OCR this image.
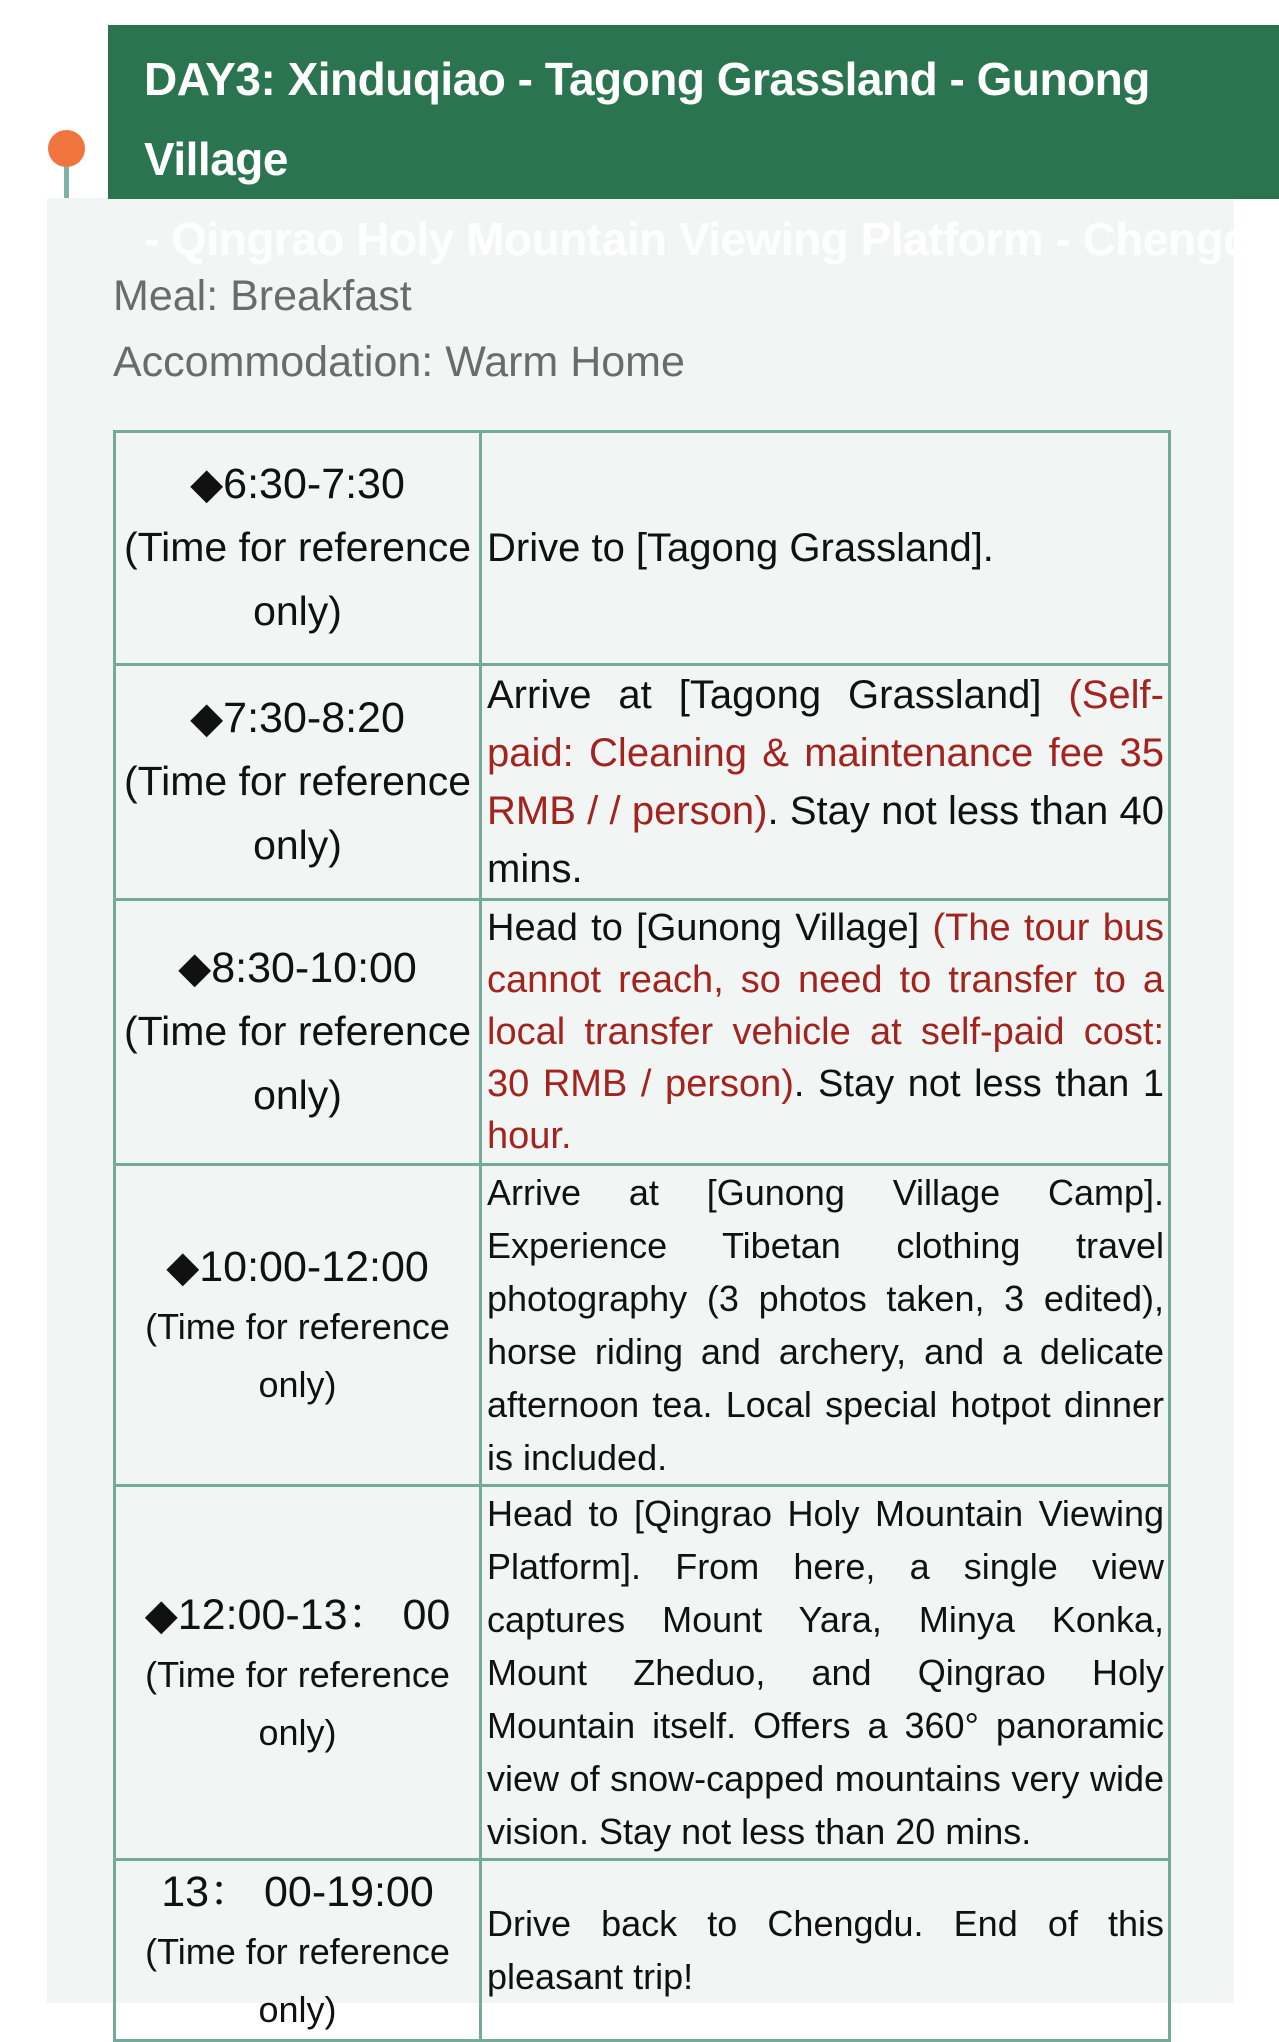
DAY3: Xinduqiao - Tagong Grassland - Gunong Village
- Qingrao Holy Mountain Viewing Platform - Chengdu
Meal: Breakfast
Accommodation: Warm Home
◆6:30-7:30
(Time for reference only)	Drive to [Tagong Grassland].

◆7:30-8:20
(Time for reference only)	Arrive at [Tagong Grassland] (Self-paid: Cleaning & maintenance fee 35 RMB / / person). Stay not less than 40 mins.

◆8:30-10:00
(Time for reference only)	Head to [Gunong Village] (The tour bus cannot reach, so need to transfer to a local transfer vehicle at self-paid cost: 30 RMB / person). Stay not less than 1 hour.

◆10:00-12:00
(Time for reference only)	Arrive at [Gunong Village Camp]. Experience Tibetan clothing travel photography (3 photos taken, 3 edited), horse riding and archery, and a delicate afternoon tea. Local special hotpot dinner is included.

◆12:00-13： 00
(Time for reference only)	Head to [Qingrao Holy Mountain Viewing Platform]. From here, a single view captures Mount Yara, Minya Konka, Mount Zheduo, and Qingrao Holy Mountain itself. Offers a 360° panoramic view of snow-capped mountains very wide vision. Stay not less than 20 mins.

13： 00-19:00
(Time for reference only)	Drive back to Chengdu. End of this pleasant trip!
